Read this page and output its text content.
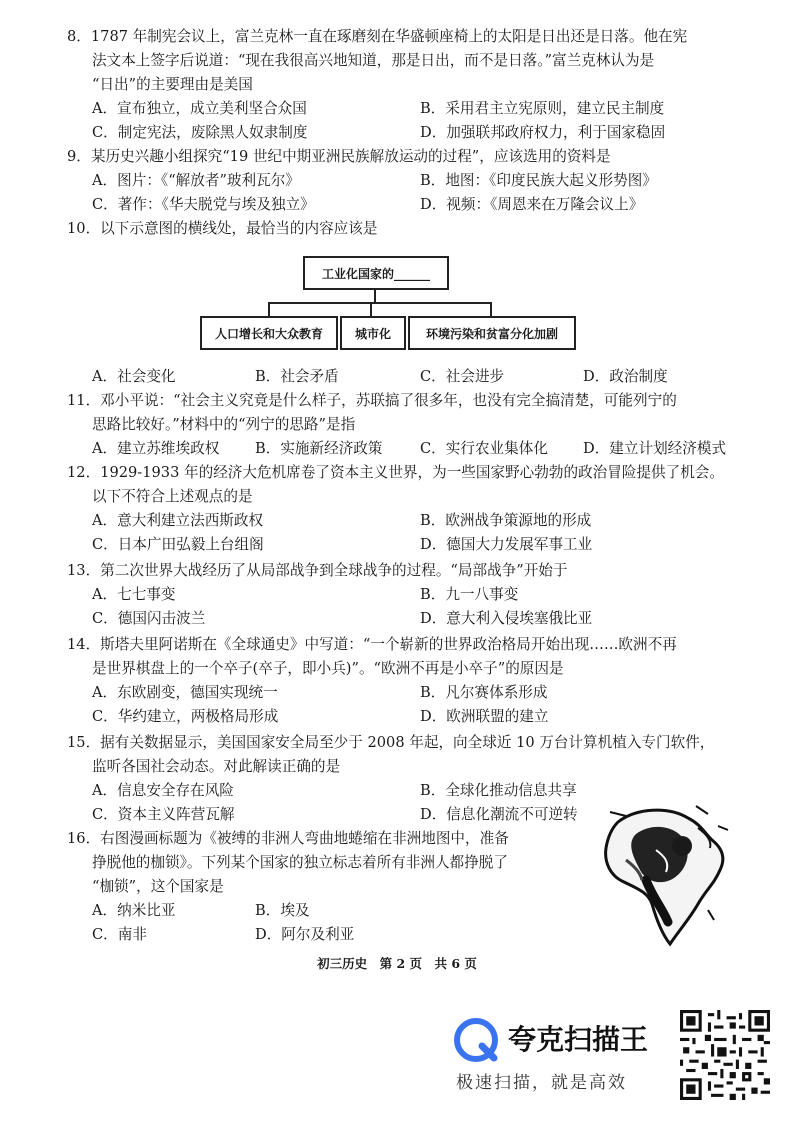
8．1787 年制宪会议上，富兰克林一直在琢磨刻在华盛顿座椅上的太阳是日出还是日落。他在宪
法文本上签字后说道：“现在我很高兴地知道，那是日出，而不是日落。”富兰克林认为是
“日出”的主要理由是美国
A．宣布独立，成立美利坚合众国	B．采用君主立宪原则，建立民主制度
C．制定宪法，废除黑人奴隶制度	D．加强联邦政府权力，利于国家稳固
9．某历史兴趣小组探究“19 世纪中期亚洲民族解放运动的过程”，应该选用的资料是
A．图片：《“解放者”玻利瓦尔》	B．地图：《印度民族大起义形势图》
C．著作：《华夫脱党与埃及独立》	D．视频：《周恩来在万隆会议上》
10．以下示意图的横线处，最恰当的内容应该是
工业化国家的______
人口增长和大众教育	城市化	环境污染和贫富分化加剧
A．社会变化	B．社会矛盾	C．社会进步	D．政治制度
11．邓小平说：“社会主义究竟是什么样子，苏联搞了很多年，也没有完全搞清楚，可能列宁的
思路比较好。”材料中的“列宁的思路”是指
A．建立苏维埃政权 B．实施新经济政策	C．实行农业集体化 D．建立计划经济模式
12．1929-1933 年的经济大危机席卷了资本主义世界，为一些国家野心勃勃的政治冒险提供了机会。
以下不符合上述观点的是
A．意大利建立法西斯政权	B．欧洲战争策源地的形成
C．日本广田弘毅上台组阁	D．德国大力发展军事工业
13．第二次世界大战经历了从局部战争到全球战争的过程。“局部战争”开始于
A．七七事变	B．九一八事变
C．德国闪击波兰	D．意大利入侵埃塞俄比亚
14．斯塔夫里阿诺斯在《全球通史》中写道：“一个崭新的世界政治格局开始出现……欧洲不再
是世界棋盘上的一个卒子(卒子，即小兵)”。“欧洲不再是小卒子”的原因是
A．东欧剧变，德国实现统一	B．凡尔赛体系形成
C．华约建立，两极格局形成	D．欧洲联盟的建立
15．据有关数据显示，美国国家安全局至少于 2008 年起，向全球近 10 万台计算机植入专门软件，
监听各国社会动态。对此解读正确的是
A．信息安全存在风险	B．全球化推动信息共享
C．资本主义阵营瓦解	D．信息化潮流不可逆转
16．右图漫画标题为《被缚的非洲人弯曲地蜷缩在非洲地图中，准备
挣脱他的枷锁》。下列某个国家的独立标志着所有非洲人都挣脱了
“枷锁”，这个国家是
A．纳米比亚	B．埃及
C．南非	D．阿尔及利亚
初三历史　第 2 页　共 6 页
夸克扫描王
极速扫描，就是高效
